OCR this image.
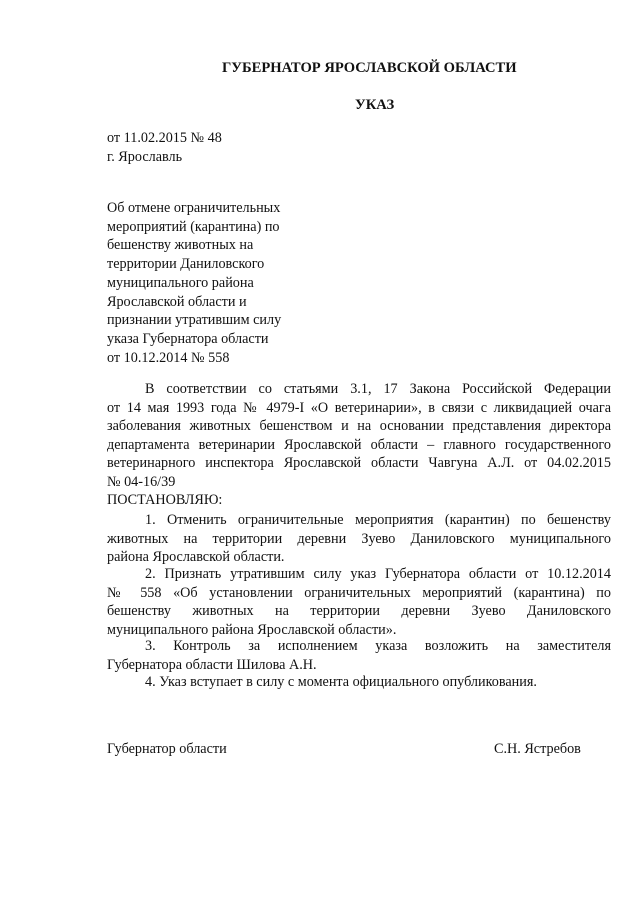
ГУБЕРНАТОР ЯРОСЛАВСКОЙ ОБЛАСТИ
УКАЗ
от 11.02.2015 № 48
г. Ярославль
Об отмене ограничительных
мероприятий (карантина) по
бешенству животных на
территории Даниловского
муниципального района
Ярославской области и
признании утратившим силу
указа Губернатора области
от 10.12.2014 № 558
В соответствии со статьями 3.1, 17 Закона Российской Федерации
от 14 мая 1993 года № 4979-I «О ветеринарии», в связи с ликвидацией очага
заболевания животных бешенством и на основании представления директора
департамента ветеринарии Ярославской области – главного государственного
ветеринарного инспектора Ярославской области Чавгуна А.Л. от 04.02.2015
№ 04-16/39
ПОСТАНОВЛЯЮ:
1. Отменить ограничительные мероприятия (карантин) по бешенству
животных на территории деревни Зуево Даниловского муниципального
района Ярославской области.
2. Признать утратившим силу указ Губернатора области от 10.12.2014
№ 558 «Об установлении ограничительных мероприятий (карантина) по
бешенству животных на территории деревни Зуево Даниловского
муниципального района Ярославской области».
3. Контроль за исполнением указа возложить на заместителя
Губернатора области Шилова А.Н.
4. Указ вступает в силу с момента официального опубликования.
Губернатор области	С.Н. Ястребов
